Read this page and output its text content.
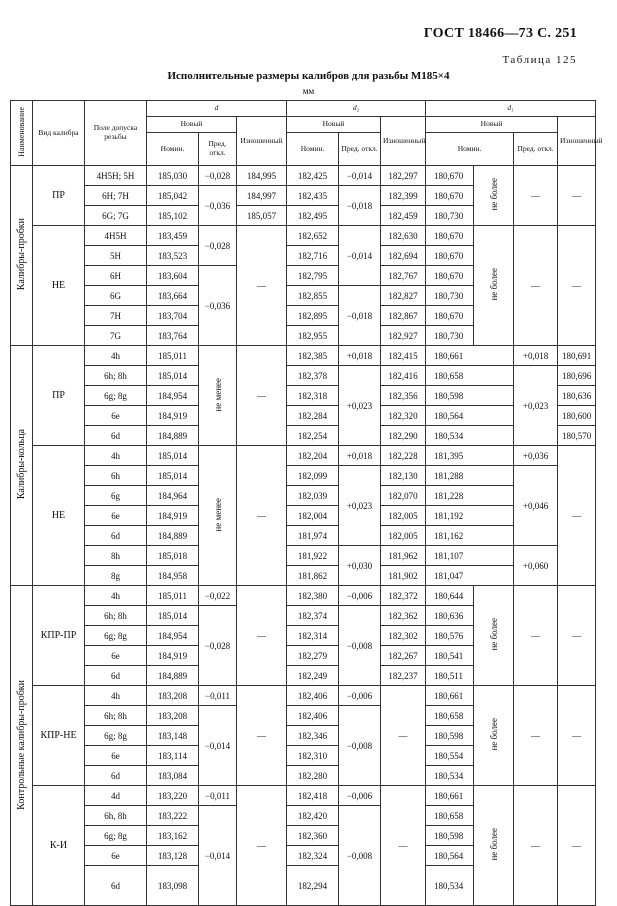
ГОСТ 18466—73 С. 251
Таблица 125
Исполнительные размеры калибров для разьбы М185×4
мм
Наименование	Вид калибра	Поле допуска резьбы	d			d₂			d₁			
			Новый		Изношенный	Новый		Изношенный	Новый			Изношенный
			Номин.	Пред. откл.		Номин.	Пред. откл.		Номин.		Пред. откл.	
Калибры-пробки	ПР	4H5H; 5H	185,030	−0,028	184,995	182,425	−0,014	182,297	180,670	не более	—	—
		6H; 7H	185,042	−0,036	184,997	182,435	−0,018	182,399	180,670			
		6G; 7G	185,102		185,057	182,495		182,459	180,730			
	НЕ	4H5H	183,459	−0,028	—	182,652	−0,014	182,630	180,670	не более	—	—
		5H	183,523			182,716		182,694	180,670			
		6H	183,604	−0,036		182,795		182,767	180,670			
		6G	183,664			182,855	−0,018	182,827	180,730			
		7H	183,704			182,895		182,867	180,670			
		7G	183,764			182,955		182,927	180,730			
Калибры-кольца	ПР	4h	185,011	не менее	—	182,385	+0,018	182,415	180,661		+0,018	180,691
		6h; 8h	185,014			182,378	+0,023	182,416	180,658		+0,023	180,696
		6g; 8g	184,954			182,318		182,356	180,598			180,636
		6e	184,919			182,284		182,320	180,564			180,600
		6d	184,889			182,254		182,290	180,534			180,570
	НЕ	4h	185,014	не менее	—	182,204	+0,018	182,228	181,395		+0,036	—
		6h	185,014			182,099	+0,023	182,130	181,288		+0,046	
		6g	184,964			182,039		182,070	181,228			
		6e	184,919			182,004		182,005	181,192			
		6d	184,889			181,974		182,005	181,162			
		8h	185,018			181,922	+0,030	181,962	181,107		+0,060	
		8g	184,958			181,862		181,902	181,047			
Контрольные калибры-пробки	КПР-ПР	4h	185,011	−0,022	—	182,380	−0,006	182,372	180,644	не более	—	—
		6h; 8h	185,014	−0,028		182,374	−0,008	182,362	180,636			
		6g; 8g	184,954			182,314		182,302	180,576			
		6e	184,919			182,279		182,267	180,541			
		6d	184,889			182,249		182,237	180,511			
	КПР-НЕ	4h	183,208	−0,011	—	182,406	−0,006	—	180,661	не более	—	—
		6h; 8h	183,208	−0,014		182,406	−0,008		180,658			
		6g; 8g	183,148			182,346			180,598			
		6e	183,114			182,310			180,554			
		6d	183,084			182,280			180,534			
	К-И	4d	183,220	−0,011	—	182,418	−0,006	—	180,661	не более	—	—
		6h, 8h	183,222	−0,014		182,420	−0,008		180,658			
		6g; 8g	183,162			182,360			180,598			
		6e	183,128			182,324			180,564			
		6d	183,098			182,294			180,534			
